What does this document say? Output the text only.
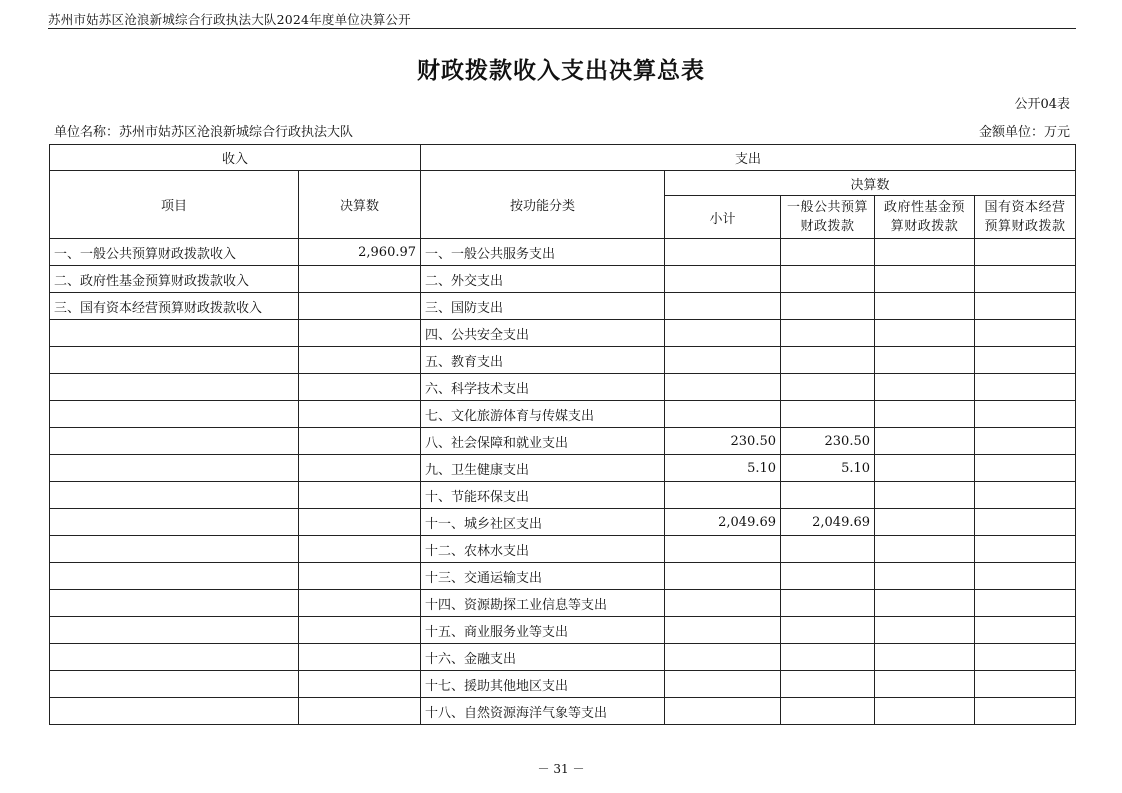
苏州市姑苏区沧浪新城综合行政执法大队2024年度单位决算公开
财政拨款收入支出决算总表
公开04表
单位名称：苏州市姑苏区沧浪新城综合行政执法大队	金额单位：万元
收入		支出				
项目	决算数	按功能分类	决算数			
			小计	一般公共预算财政拨款	政府性基金预算财政拨款	国有资本经营预算财政拨款
一、一般公共预算财政拨款收入	2,960.97	一、一般公共服务支出				
二、政府性基金预算财政拨款收入		二、外交支出				
三、国有资本经营预算财政拨款收入		三、国防支出				
		四、公共安全支出				
		五、教育支出				
		六、科学技术支出				
		七、文化旅游体育与传媒支出				
		八、社会保障和就业支出	230.50	230.50		
		九、卫生健康支出	5.10	5.10		
		十、节能环保支出				
		十一、城乡社区支出	2,049.69	2,049.69		
		十二、农林水支出				
		十三、交通运输支出				
		十四、资源勘探工业信息等支出				
		十五、商业服务业等支出				
		十六、金融支出				
		十七、援助其他地区支出				
		十八、自然资源海洋气象等支出				
－ 31 －
